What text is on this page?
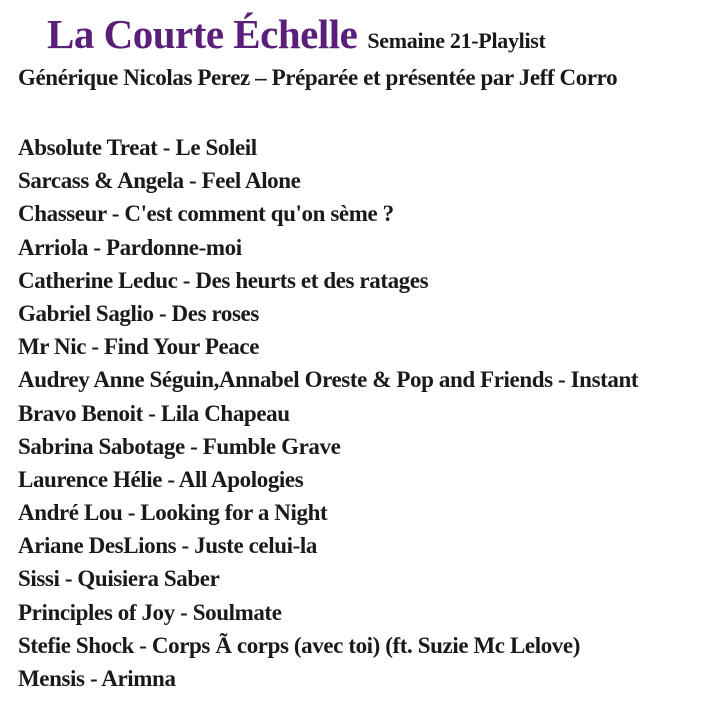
La Courte Échelle Semaine 21-Playlist
Générique Nicolas Perez – Préparée et présentée par Jeff Corro
Absolute Treat - Le Soleil
Sarcass & Angela - Feel Alone
Chasseur - C'est comment qu'on sème ?
Arriola - Pardonne-moi
Catherine Leduc - Des heurts et des ratages
Gabriel Saglio - Des roses
Mr Nic - Find Your Peace
Audrey Anne Séguin,Annabel Oreste & Pop and Friends - Instant
Bravo Benoit - Lila Chapeau
Sabrina Sabotage - Fumble Grave
Laurence Hélie - All Apologies
André Lou - Looking for a Night
Ariane DesLions - Juste celui-la
Sissi - Quisiera Saber
Principles of Joy - Soulmate
Stefie Shock - Corps Ã corps (avec toi) (ft. Suzie Mc Lelove)
Mensis - Arimna
